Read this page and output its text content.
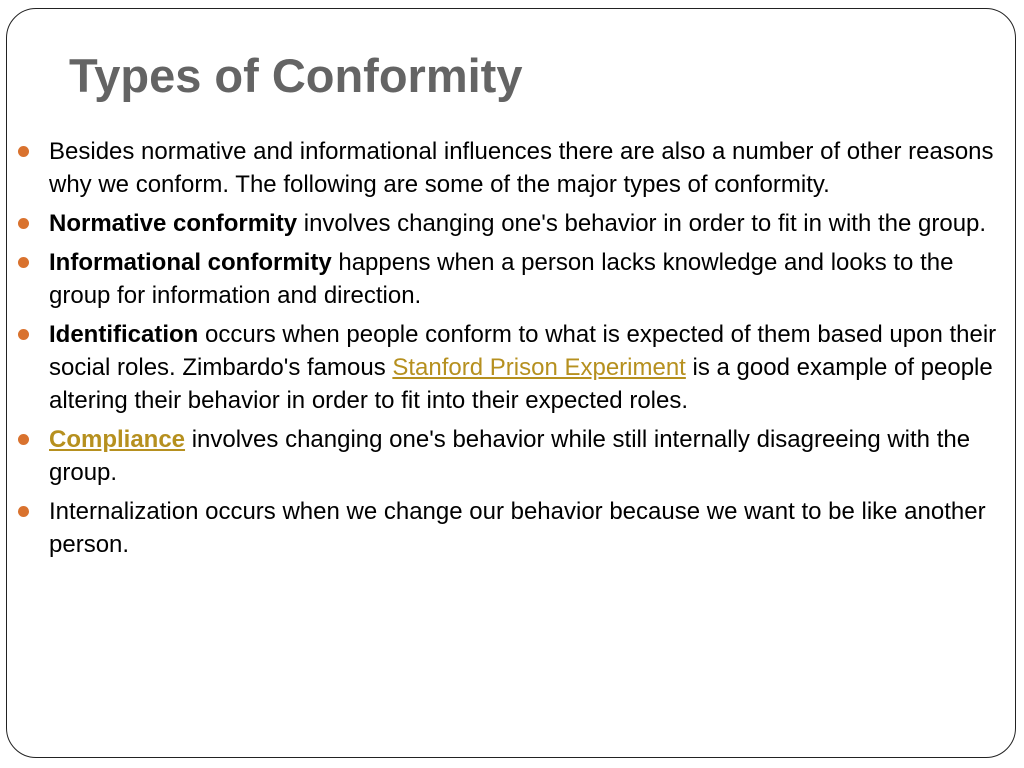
Types of Conformity
Besides normative and informational influences there are also a number of other reasons why we conform. The following are some of the major types of conformity.
Normative conformity involves changing one's behavior in order to fit in with the group.
Informational conformity happens when a person lacks knowledge and looks to the group for information and direction.
Identification occurs when people conform to what is expected of them based upon their social roles. Zimbardo's famous Stanford Prison Experiment is a good example of people altering their behavior in order to fit into their expected roles.
Compliance involves changing one's behavior while still internally disagreeing with the group.
Internalization occurs when we change our behavior because we want to be like another person.
